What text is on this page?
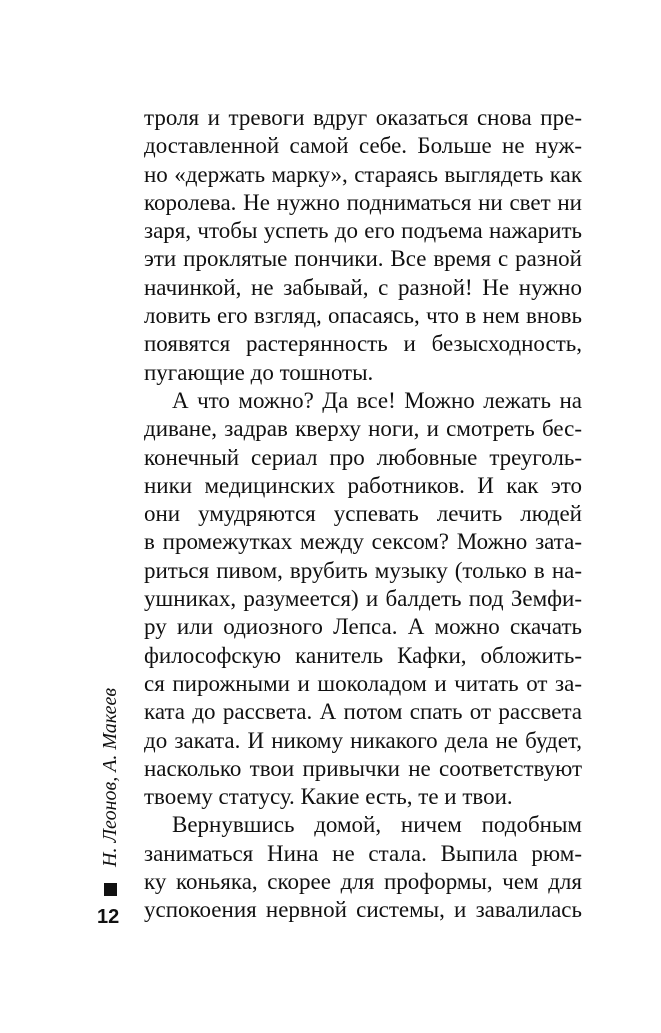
Н. Леонов, А. Макеев
12
троля и тревоги вдруг оказаться снова пре-
доставленной самой себе. Больше не нуж-
но «держать марку», стараясь выглядеть как
королева. Не нужно подниматься ни свет ни
заря, чтобы успеть до его подъема нажарить
эти проклятые пончики. Все время с разной
начинкой, не забывай, с разной! Не нужно
ловить его взгляд, опасаясь, что в нем вновь
появятся растерянность и безысходность,
пугающие до тошноты.
А что можно? Да все! Можно лежать на
диване, задрав кверху ноги, и смотреть бес-
конечный сериал про любовные треуголь-
ники медицинских работников. И как это
они умудряются успевать лечить людей
в промежутках между сексом? Можно зата-
риться пивом, врубить музыку (только в на-
ушниках, разумеется) и балдеть под Земфи-
ру или одиозного Лепса. А можно скачать
философскую канитель Кафки, обложить-
ся пирожными и шоколадом и читать от за-
ката до рассвета. А потом спать от рассвета
до заката. И никому никакого дела не будет,
насколько твои привычки не соответствуют
твоему статусу. Какие есть, те и твои.
Вернувшись домой, ничем подобным
заниматься Нина не стала. Выпила рюм-
ку коньяка, скорее для проформы, чем для
успокоения нервной системы, и завалилась
